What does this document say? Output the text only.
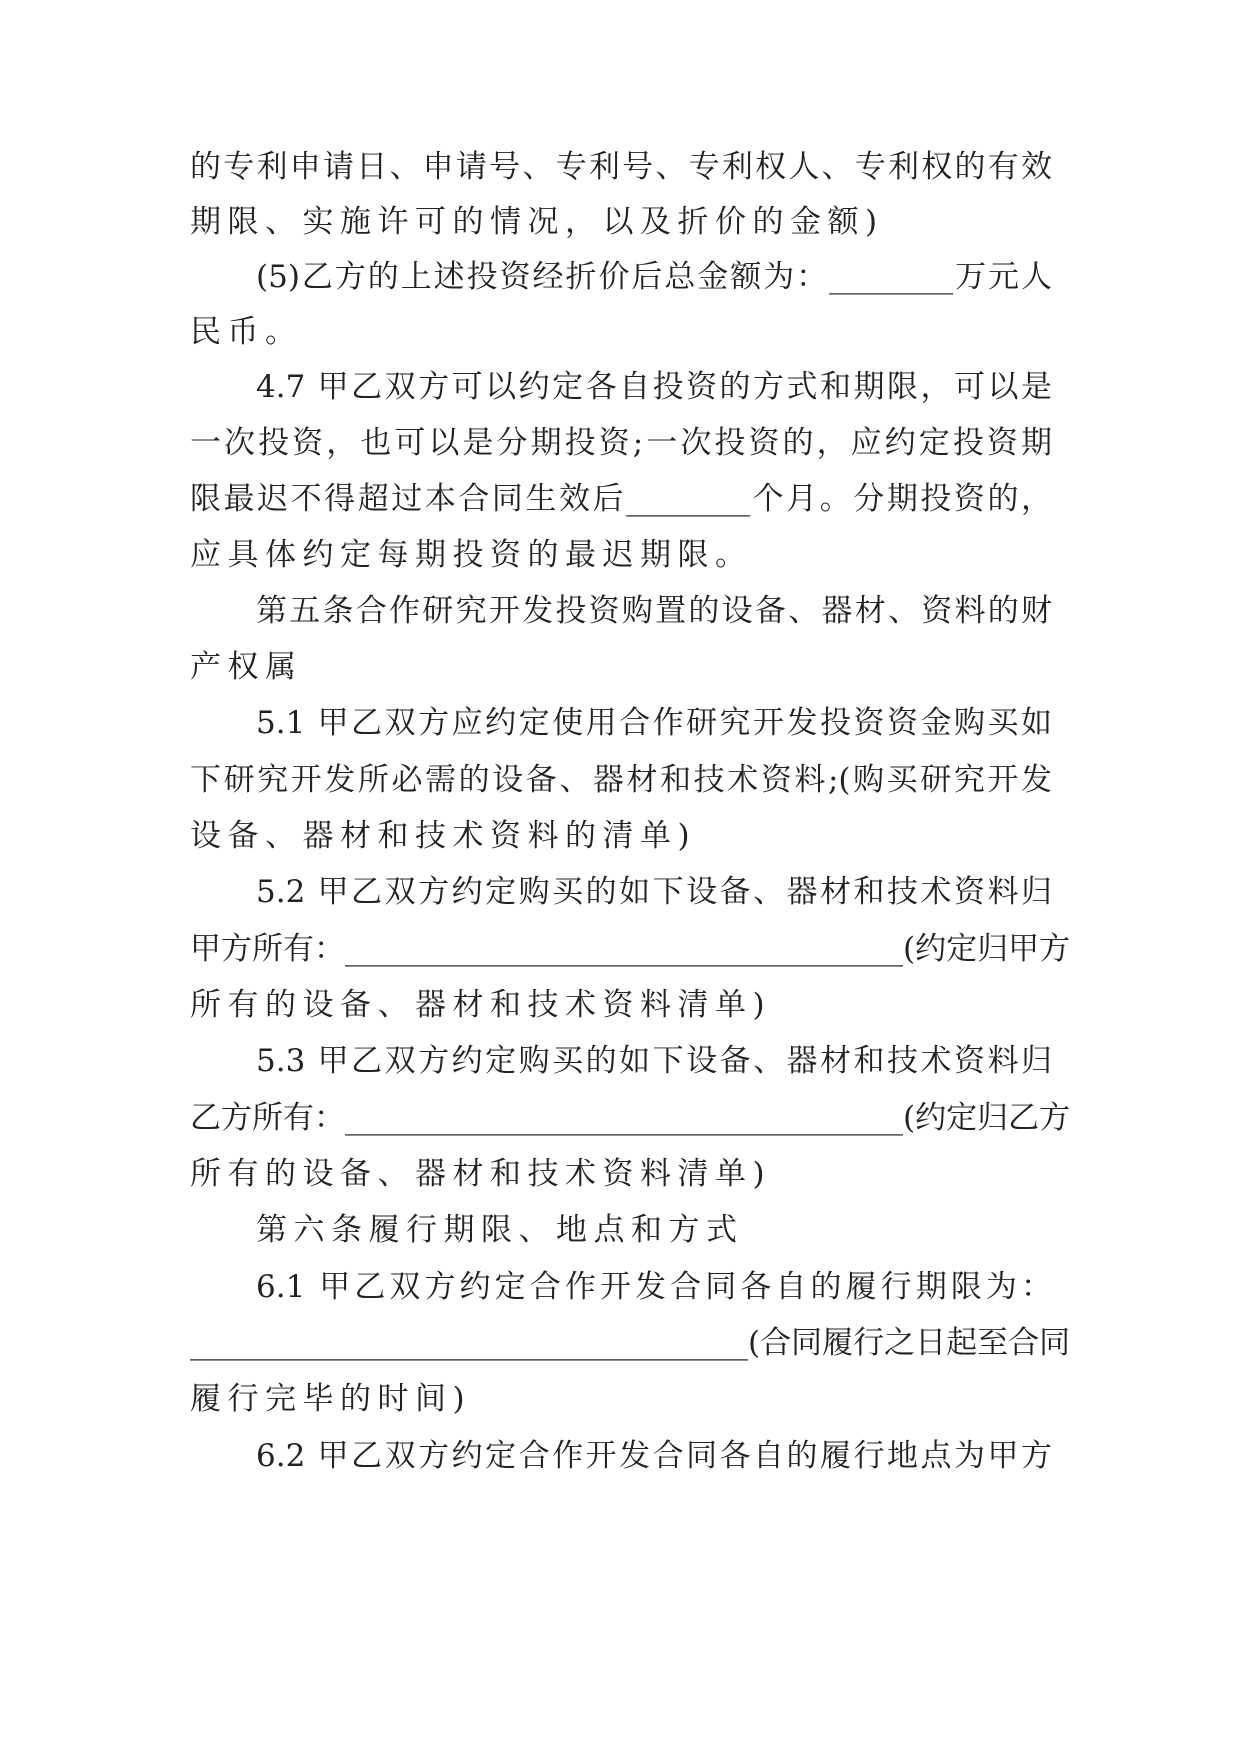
的专利申请日、申请号、专利号、专利权人、专利权的有效
期限、实施许可的情况，以及折价的金额)
(5)乙方的上述投资经折价后总金额为：________万元人
民币。
4.7 甲乙双方可以约定各自投资的方式和期限，可以是
一次投资，也可以是分期投资;一次投资的，应约定投资期
限最迟不得超过本合同生效后________个月。分期投资的，
应具体约定每期投资的最迟期限。
第五条合作研究开发投资购置的设备、器材、资料的财
产权属
5.1 甲乙双方应约定使用合作研究开发投资资金购买如
下研究开发所必需的设备、器材和技术资料;(购买研究开发
设备、器材和技术资料的清单)
5.2 甲乙双方约定购买的如下设备、器材和技术资料归
甲方所有：____________________________________(约定归甲方
所有的设备、器材和技术资料清单)
5.3 甲乙双方约定购买的如下设备、器材和技术资料归
乙方所有：____________________________________(约定归乙方
所有的设备、器材和技术资料清单)
第六条履行期限、地点和方式
6.1 甲乙双方约定合作开发合同各自的履行期限为：
____________________________________(合同履行之日起至合同
履行完毕的时间)
6.2 甲乙双方约定合作开发合同各自的履行地点为甲方
